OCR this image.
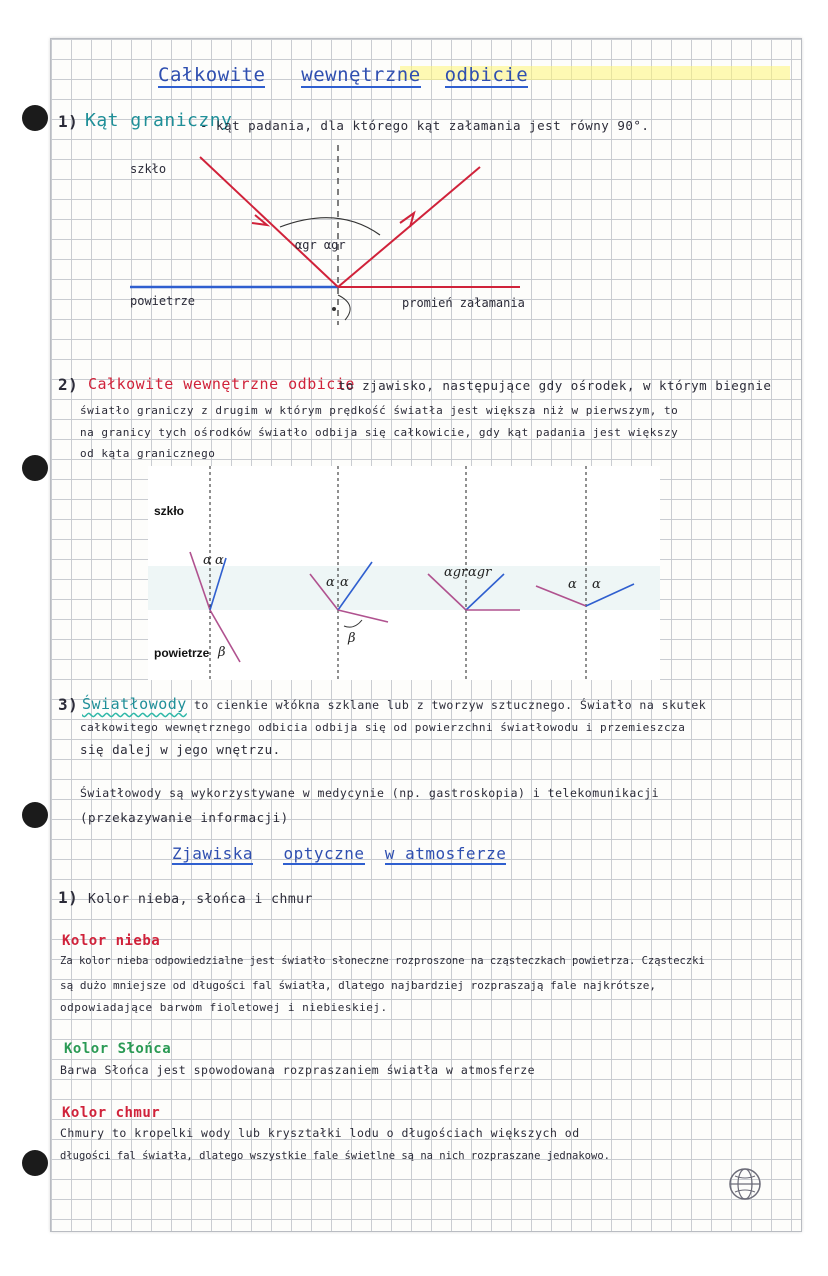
Całkowite wewnętrzne odbicie
1) Kąt graniczny
- kąt padania, dla którego kąt załamania jest równy 90°.
αgr αgr
szkło
powietrze	promień załamania
2) Całkowite wewnętrzne odbicie
to zjawisko, następujące gdy ośrodek, w którym biegnie
światło graniczy z drugim w którym prędkość światła jest większa niż w pierwszym, to
na granicy tych ośrodków światło odbija się całkowicie, gdy kąt padania jest większy
od kąta granicznego
α α
β
α α
β
αgr αgr
α α
szkło
powietrze
3) Światłowody to cienkie włókna szklane lub z tworzyw sztucznego. Światło na skutek
całkowitego wewnętrznego odbicia odbija się od powierzchni światłowodu i przemieszcza
się dalej w jego wnętrzu.
Światłowody są wykorzystywane w medycynie (np. gastroskopia) i telekomunikacji
(przekazywanie informacji)
Zjawiska optyczne w atmosferze
1) Kolor nieba, słońca i chmur
Kolor nieba
Za kolor nieba odpowiedzialne jest światło słoneczne rozproszone na cząsteczkach powietrza. Cząsteczki
są dużo mniejsze od długości fal światła, dlatego najbardziej rozpraszają fale najkrótsze,
odpowiadające barwom fioletowej i niebieskiej.
Kolor Słońca
Barwa Słońca jest spowodowana rozpraszaniem światła w atmosferze
Kolor chmur
Chmury to kropelki wody lub kryształki lodu o długościach większych od
długości fal światła, dlatego wszystkie fale świetlne są na nich rozpraszane jednakowo.
